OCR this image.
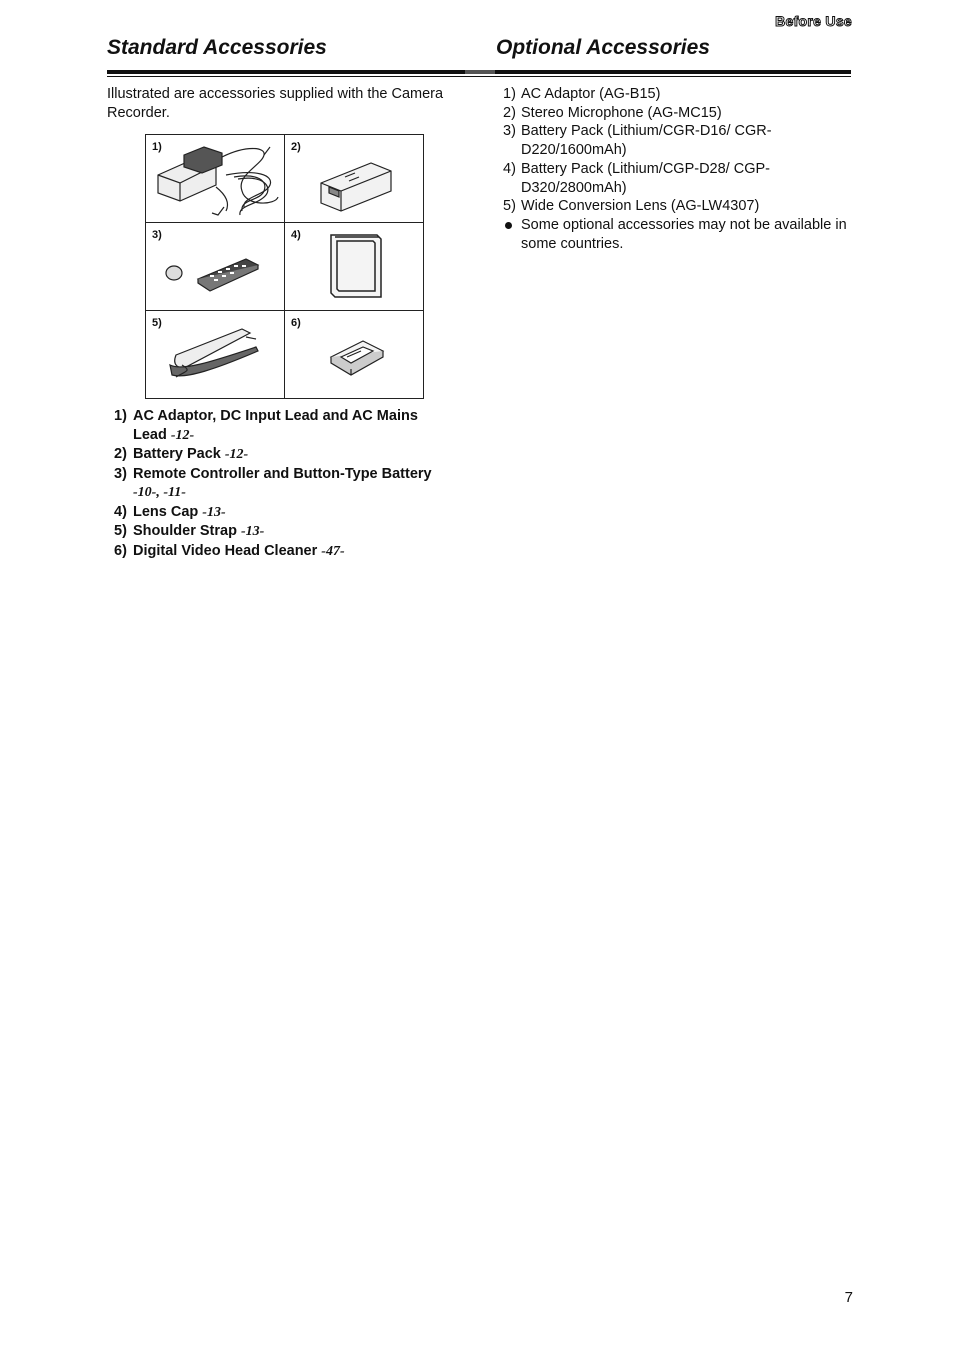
Before Use
Standard Accessories	Optional Accessories
Illustrated are accessories supplied with the Camera Recorder.
1)	2)

3)	4)

5)	6)
1) AC Adaptor, DC Input Lead and AC Mains Lead -12-
2) Battery Pack -12-
3) Remote Controller and Button-Type Battery
-10-, -11-
4) Lens Cap -13-
5) Shoulder Strap -13-
6) Digital Video Head Cleaner -47-
1) AC Adaptor (AG-B15)
2) Stereo Microphone (AG-MC15)
3) Battery Pack (Lithium/CGR-D16/ CGR-D220/1600mAh)
4) Battery Pack (Lithium/CGP-D28/ CGP-D320/2800mAh)
5) Wide Conversion Lens (AG-LW4307)
Some optional accessories may not be available in some countries.
7
